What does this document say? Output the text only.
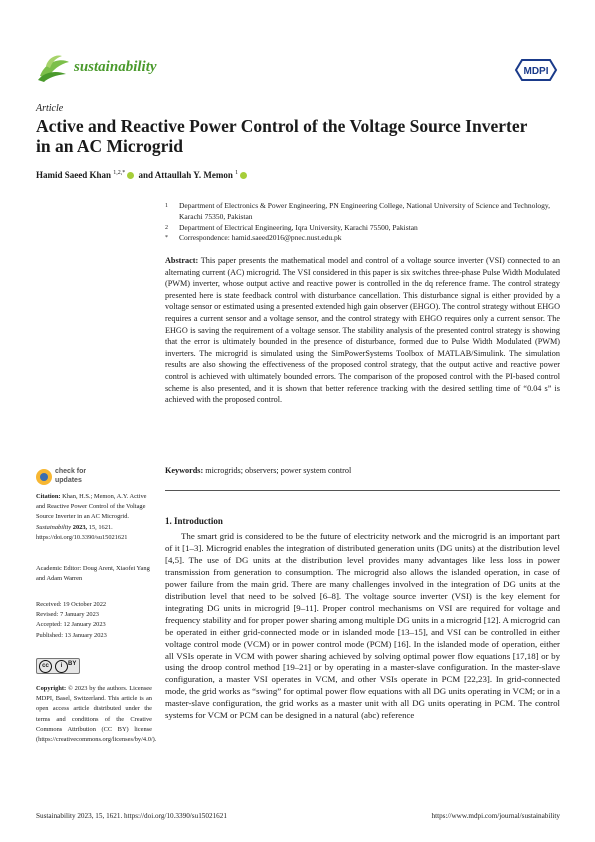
sustainability	MDPI
Article
Active and Reactive Power Control of the Voltage Source Inverter in an AC Microgrid
Hamid Saeed Khan $^{1,2,*}$ and Attaullah Y. Memon $^1$
1	Department of Electronics & Power Engineering, PN Engineering College, National University of Science and Technology, Karachi 75350, Pakistan
2	Department of Electrical Engineering, Iqra University, Karachi 75500, Pakistan
*	Correspondence: hamid.saeed2016@pnec.nust.edu.pk
Abstract: This paper presents the mathematical model and control of a voltage source inverter (VSI) connected to an alternating current (AC) microgrid. The VSI considered in this paper is six switches three-phase Pulse Width Modulated (PWM) inverter, whose output active and reactive power is controlled in the dq reference frame. The control strategy presented here is state feedback control with disturbance cancellation. This disturbance signal is either provided by a voltage sensor or estimated using a presented extended high gain observer (EHGO). The control strategy without EHGO requires a current sensor and a voltage sensor, and the control strategy with EHGO requires only a current sensor. The EHGO is saving the requirement of a voltage sensor. The stability analysis of the presented control strategy is showing that the error is ultimately bounded in the presence of disturbance, formed due to Pulse Width Modulated (PWM) inverters. The microgrid is simulated using the SimPowerSystems Toolbox of MATLAB/Simulink. The simulation results are also showing the effectiveness of the proposed control strategy, that the output active and reactive power control is achieved with ultimately bounded errors. The comparison of the proposed control with the PI-based control scheme is also presented, and it is shown that better reference tracking with the desired settling time of “0.04 s” is achieved with the proposed control.
Keywords: microgrids; observers; power system control
check for
updates
Citation: Khan, H.S.; Memon, A.Y. Active and Reactive Power Control of the Voltage Source Inverter in an AC Microgrid. Sustainability 2023, 15, 1621. https://doi.org/10.3390/su15021621
Academic Editor: Doug Arent, Xiaofei Yang and Adam Warren
Received: 19 October 2022
Revised: 7 January 2023
Accepted: 12 January 2023
Published: 13 January 2023
cc	i BY
Copyright: © 2023 by the authors. Licensee MDPI, Basel, Switzerland. This article is an open access article distributed under the terms and conditions of the Creative Commons Attribution (CC BY) license (https://creativecommons.org/licenses/by/4.0/).
1. Introduction
The smart grid is considered to be the future of electricity network and the microgrid is an important part of it [1–3]. Microgrid enables the integration of distributed generation units (DG units) at the distribution level [4,5]. The use of DG units at the distribution level provides many advantages like less loss in power transmission from generation to consumption. The microgrid also allows the islanded operation, in case of power failure from the main grid. There are many challenges involved in the integration of DG units at the distribution level that need to be solved [6–8]. The voltage source inverter (VSI) is the key element for integrating DG units in microgrid [9–11]. Proper control mechanisms on VSI are required for voltage and frequency stability and for proper power sharing among multiple DG units in a microgrid [12]. A microgrid can be operated in either grid-connected mode or in islanded mode [13–15], and VSI can be controlled in either voltage control mode (VCM) or in power control mode (PCM) [16]. In the islanded mode of operation, either all VSIs operate in VCM with power sharing achieved by solving optimal power flow equations [17,18] or by using the droop control method [19–21] or by operating in a master-slave configuration. In the master-slave configuration, a master VSI operates in VCM, and other VSIs operate in PCM [22,23]. In grid-connected mode, the grid works as “swing” for optimal power flow equations with all DG units operating in VCM; or in a master-slave configuration, the grid works as a master unit with all DG units operating in PCM. The control systems for VCM or PCM can be designed in a natural (abc) reference
Sustainability 2023, 15, 1621. https://doi.org/10.3390/su15021621	https://www.mdpi.com/journal/sustainability
